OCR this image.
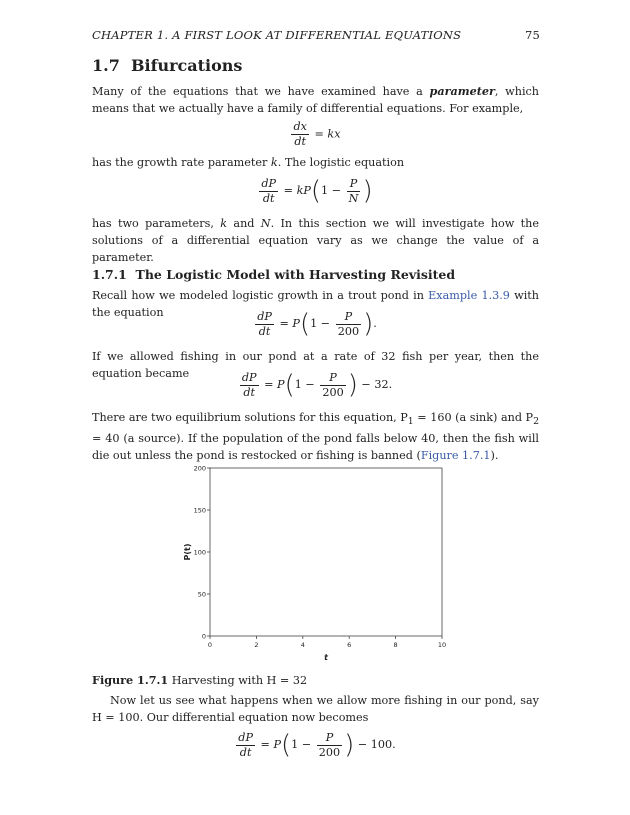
CHAPTER 1. A FIRST LOOK AT DIFFERENTIAL EQUATIONS	75
1.7 Bifurcations
Many of the equations that we have examined have a parameter, which means that we actually have a family of differential equations. For example,
$\frac{dx}{dt}$ = kx
has the growth rate parameter k. The logistic equation
$\frac{dP}{dt} = kP(1 - \frac{P}{N}$ )
has two parameters, k and N. In this section we will investigate how the solutions of a differential equation vary as we change the value of a parameter.
1.7.1 The Logistic Model with Harvesting Revisited
Recall how we modeled logistic growth in a trout pond in Example 1.3.9 with the equation	$\frac{dP}{dt} = P(1 - \frac{P}{200}$ ).
If we allowed fishing in our pond at a rate of 32 fish per year, then the equation became	$\frac{dP}{dt} = P(1 - \frac{P}{200}$ ) − 32.
There are two equilibrium solutions for this equation, $P_1 = 160$ (a sink) and $P_2 = 40$ (a source). If the population of the pond falls below 40, then the fish will die out unless the pond is restocked or fishing is banned (Figure 1.7.1).
0	2	4	6	8	10
0
50
100
150
200
t
P(t)
Figure 1.7.1 Harvesting with H = 32
Now let us see what happens when we allow more fishing in our pond, say H = 100. Our differential equation now becomes
$\frac{dP}{dt} = P(1 - \frac{P}{200}$ ) − 100.
